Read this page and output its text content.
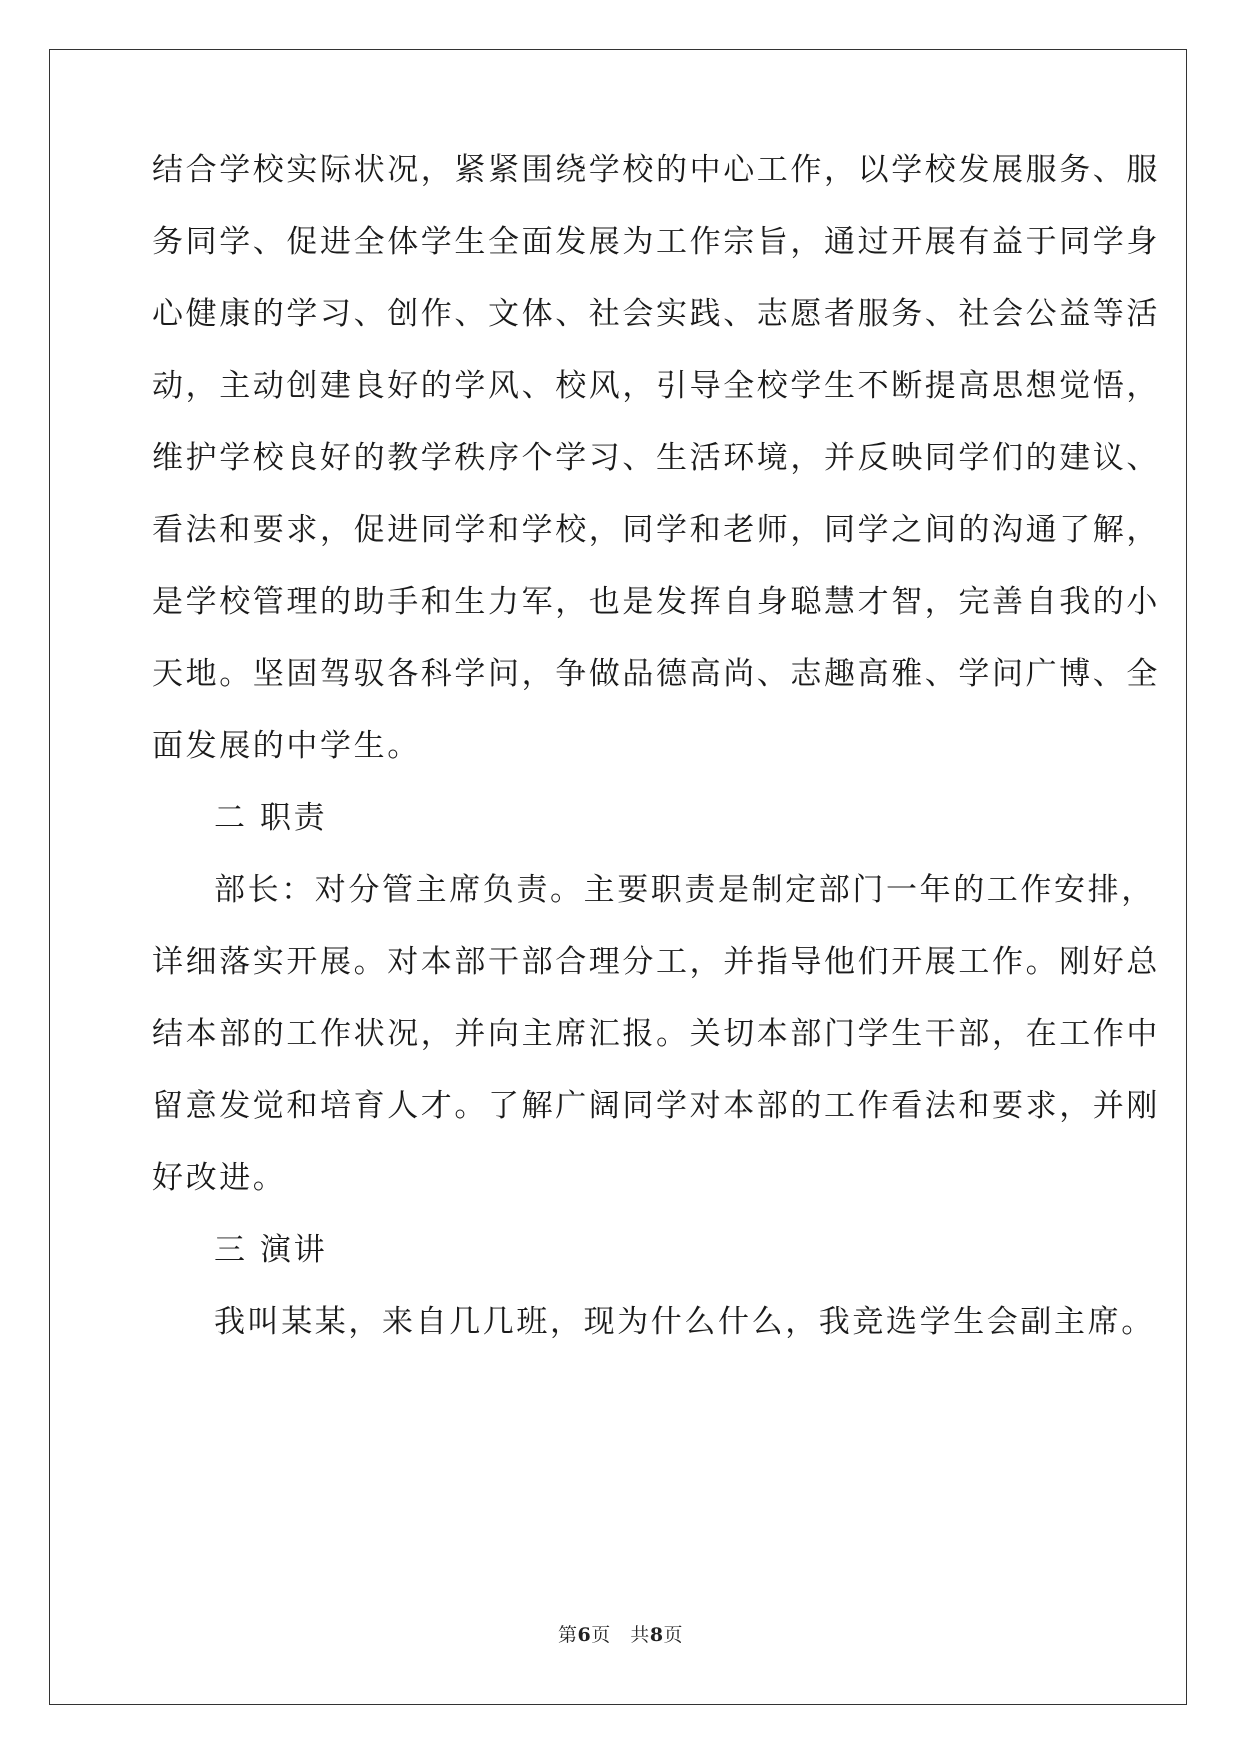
结合学校实际状况，紧紧围绕学校的中心工作，以学校发展服务、服
务同学、促进全体学生全面发展为工作宗旨，通过开展有益于同学身
心健康的学习、创作、文体、社会实践、志愿者服务、社会公益等活
动，主动创建良好的学风、校风，引导全校学生不断提高思想觉悟，
维护学校良好的教学秩序个学习、生活环境，并反映同学们的建议、
看法和要求，促进同学和学校，同学和老师，同学之间的沟通了解，
是学校管理的助手和生力军，也是发挥自身聪慧才智，完善自我的小
天地。坚固驾驭各科学问，争做品德高尚、志趣高雅、学问广博、全
面发展的中学生。
二 职责
部长：对分管主席负责。主要职责是制定部门一年的工作安排，
详细落实开展。对本部干部合理分工，并指导他们开展工作。刚好总
结本部的工作状况，并向主席汇报。关切本部门学生干部，在工作中
留意发觉和培育人才。了解广阔同学对本部的工作看法和要求，并刚
好改进。
三 演讲
我叫某某，来自几几班，现为什么什么，我竞选学生会副主席。
第6页   共8页
